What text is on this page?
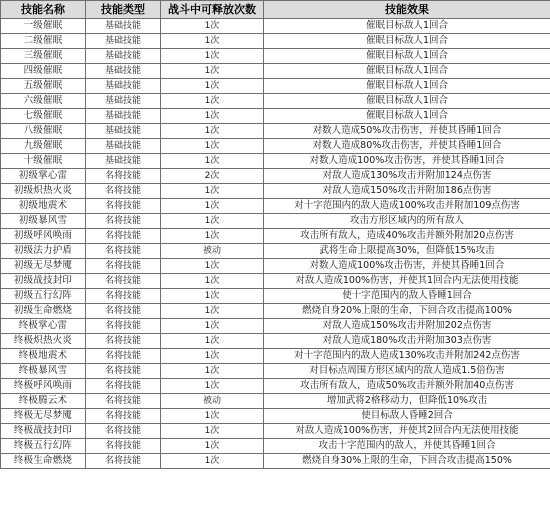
技能名称	技能类型	战斗中可释放次数	技能效果
一级催眠	基础技能	1次	催眠目标敌人1回合
二级催眠	基础技能	1次	催眠目标敌人1回合
三级催眠	基础技能	1次	催眠目标敌人1回合
四级催眠	基础技能	1次	催眠目标敌人1回合
五级催眠	基础技能	1次	催眠目标敌人1回合
六级催眠	基础技能	1次	催眠目标敌人1回合
七级催眠	基础技能	1次	催眠目标敌人1回合
八级催眠	基础技能	1次	对数人造成50%攻击伤害，并使其昏睡1回合
九级催眠	基础技能	1次	对数人造成80%攻击伤害，并使其昏睡1回合
十级催眠	基础技能	1次	对数人造成100%攻击伤害，并使其昏睡1回合
初级掌心雷	名将技能	2次	对敌人造成130%攻击并附加124点伤害
初级炽热火炎	名将技能	1次	对敌人造成150%攻击并附加186点伤害
初级地震术	名将技能	1次	对十字范围内的敌人造成100%攻击并附加109点伤害
初级暴风雪	名将技能	1次	攻击方形区域内的所有敌人
初级呼风唤雨	名将技能	1次	攻击所有敌人，造成40%攻击并额外附加20点伤害
初级法力护盾	名将技能	被动	武将生命上限提高30%，但降低15%攻击
初级无尽梦魇	名将技能	1次	对数人造成100%攻击伤害，并使其昏睡1回合
初级战技封印	名将技能	1次	对敌人造成100%伤害，并使其1回合内无法使用技能
初级五行幻阵	名将技能	1次	使十字范围内的敌人昏睡1回合
初级生命燃烧	名将技能	1次	燃烧自身20%上限的生命，下回合攻击提高100%
终极掌心雷	名将技能	1次	对敌人造成150%攻击并附加202点伤害
终极炽热火炎	名将技能	1次	对敌人造成180%攻击并附加303点伤害
终极地震术	名将技能	1次	对十字范围内的敌人造成130%攻击并附加242点伤害
终极暴风雪	名将技能	1次	对目标点周围方形区域内的敌人造成1.5倍伤害
终极呼风唤雨	名将技能	1次	攻击所有敌人，造成50%攻击并额外附加40点伤害
终极腾云术	名将技能	被动	增加武将2格移动力，但降低10%攻击
终极无尽梦魇	名将技能	1次	使目标敌人昏睡2回合
终极战技封印	名将技能	1次	对敌人造成100%伤害，并使其2回合内无法使用技能
终极五行幻阵	名将技能	1次	攻击十字范围内的敌人，并使其昏睡1回合
终极生命燃烧	名将技能	1次	燃烧自身30%上限的生命，下回合攻击提高150%
